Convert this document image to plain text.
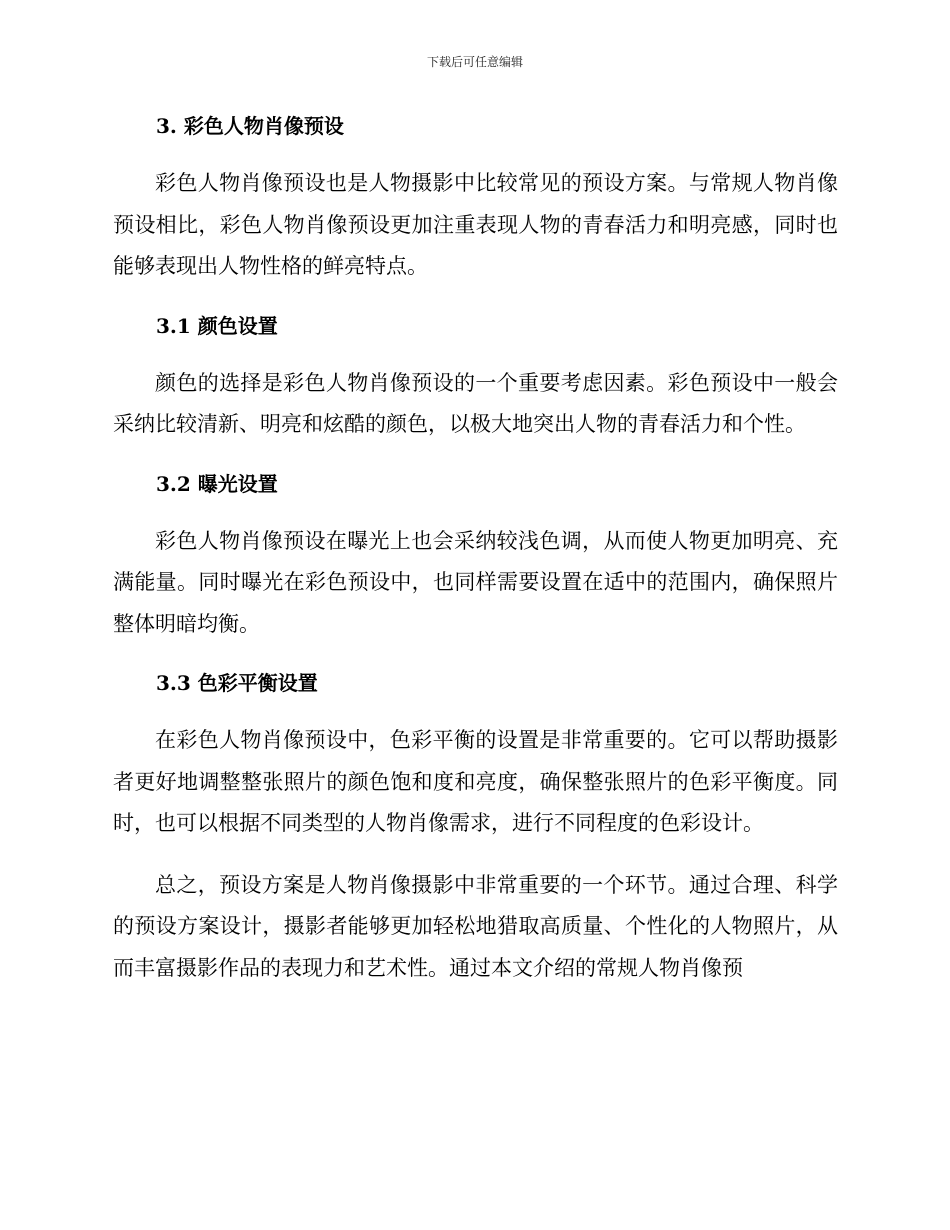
下载后可任意编辑
3. 彩色人物肖像预设

彩色人物肖像预设也是人物摄影中比较常见的预设方案。与常规人物肖像预设相比，彩色人物肖像预设更加注重表现人物的青春活力和明亮感，同时也能够表现出人物性格的鲜亮特点。

3.1 颜色设置

颜色的选择是彩色人物肖像预设的一个重要考虑因素。彩色预设中一般会采纳比较清新、明亮和炫酷的颜色，以极大地突出人物的青春活力和个性。

3.2 曝光设置

彩色人物肖像预设在曝光上也会采纳较浅色调，从而使人物更加明亮、充满能量。同时曝光在彩色预设中，也同样需要设置在适中的范围内，确保照片整体明暗均衡。

3.3 色彩平衡设置

在彩色人物肖像预设中，色彩平衡的设置是非常重要的。它可以帮助摄影者更好地调整整张照片的颜色饱和度和亮度，确保整张照片的色彩平衡度。同时，也可以根据不同类型的人物肖像需求，进行不同程度的色彩设计。

总之，预设方案是人物肖像摄影中非常重要的一个环节。通过合理、科学的预设方案设计，摄影者能够更加轻松地猎取高质量、个性化的人物照片，从而丰富摄影作品的表现力和艺术性。通过本文介绍的常规人物肖像预
